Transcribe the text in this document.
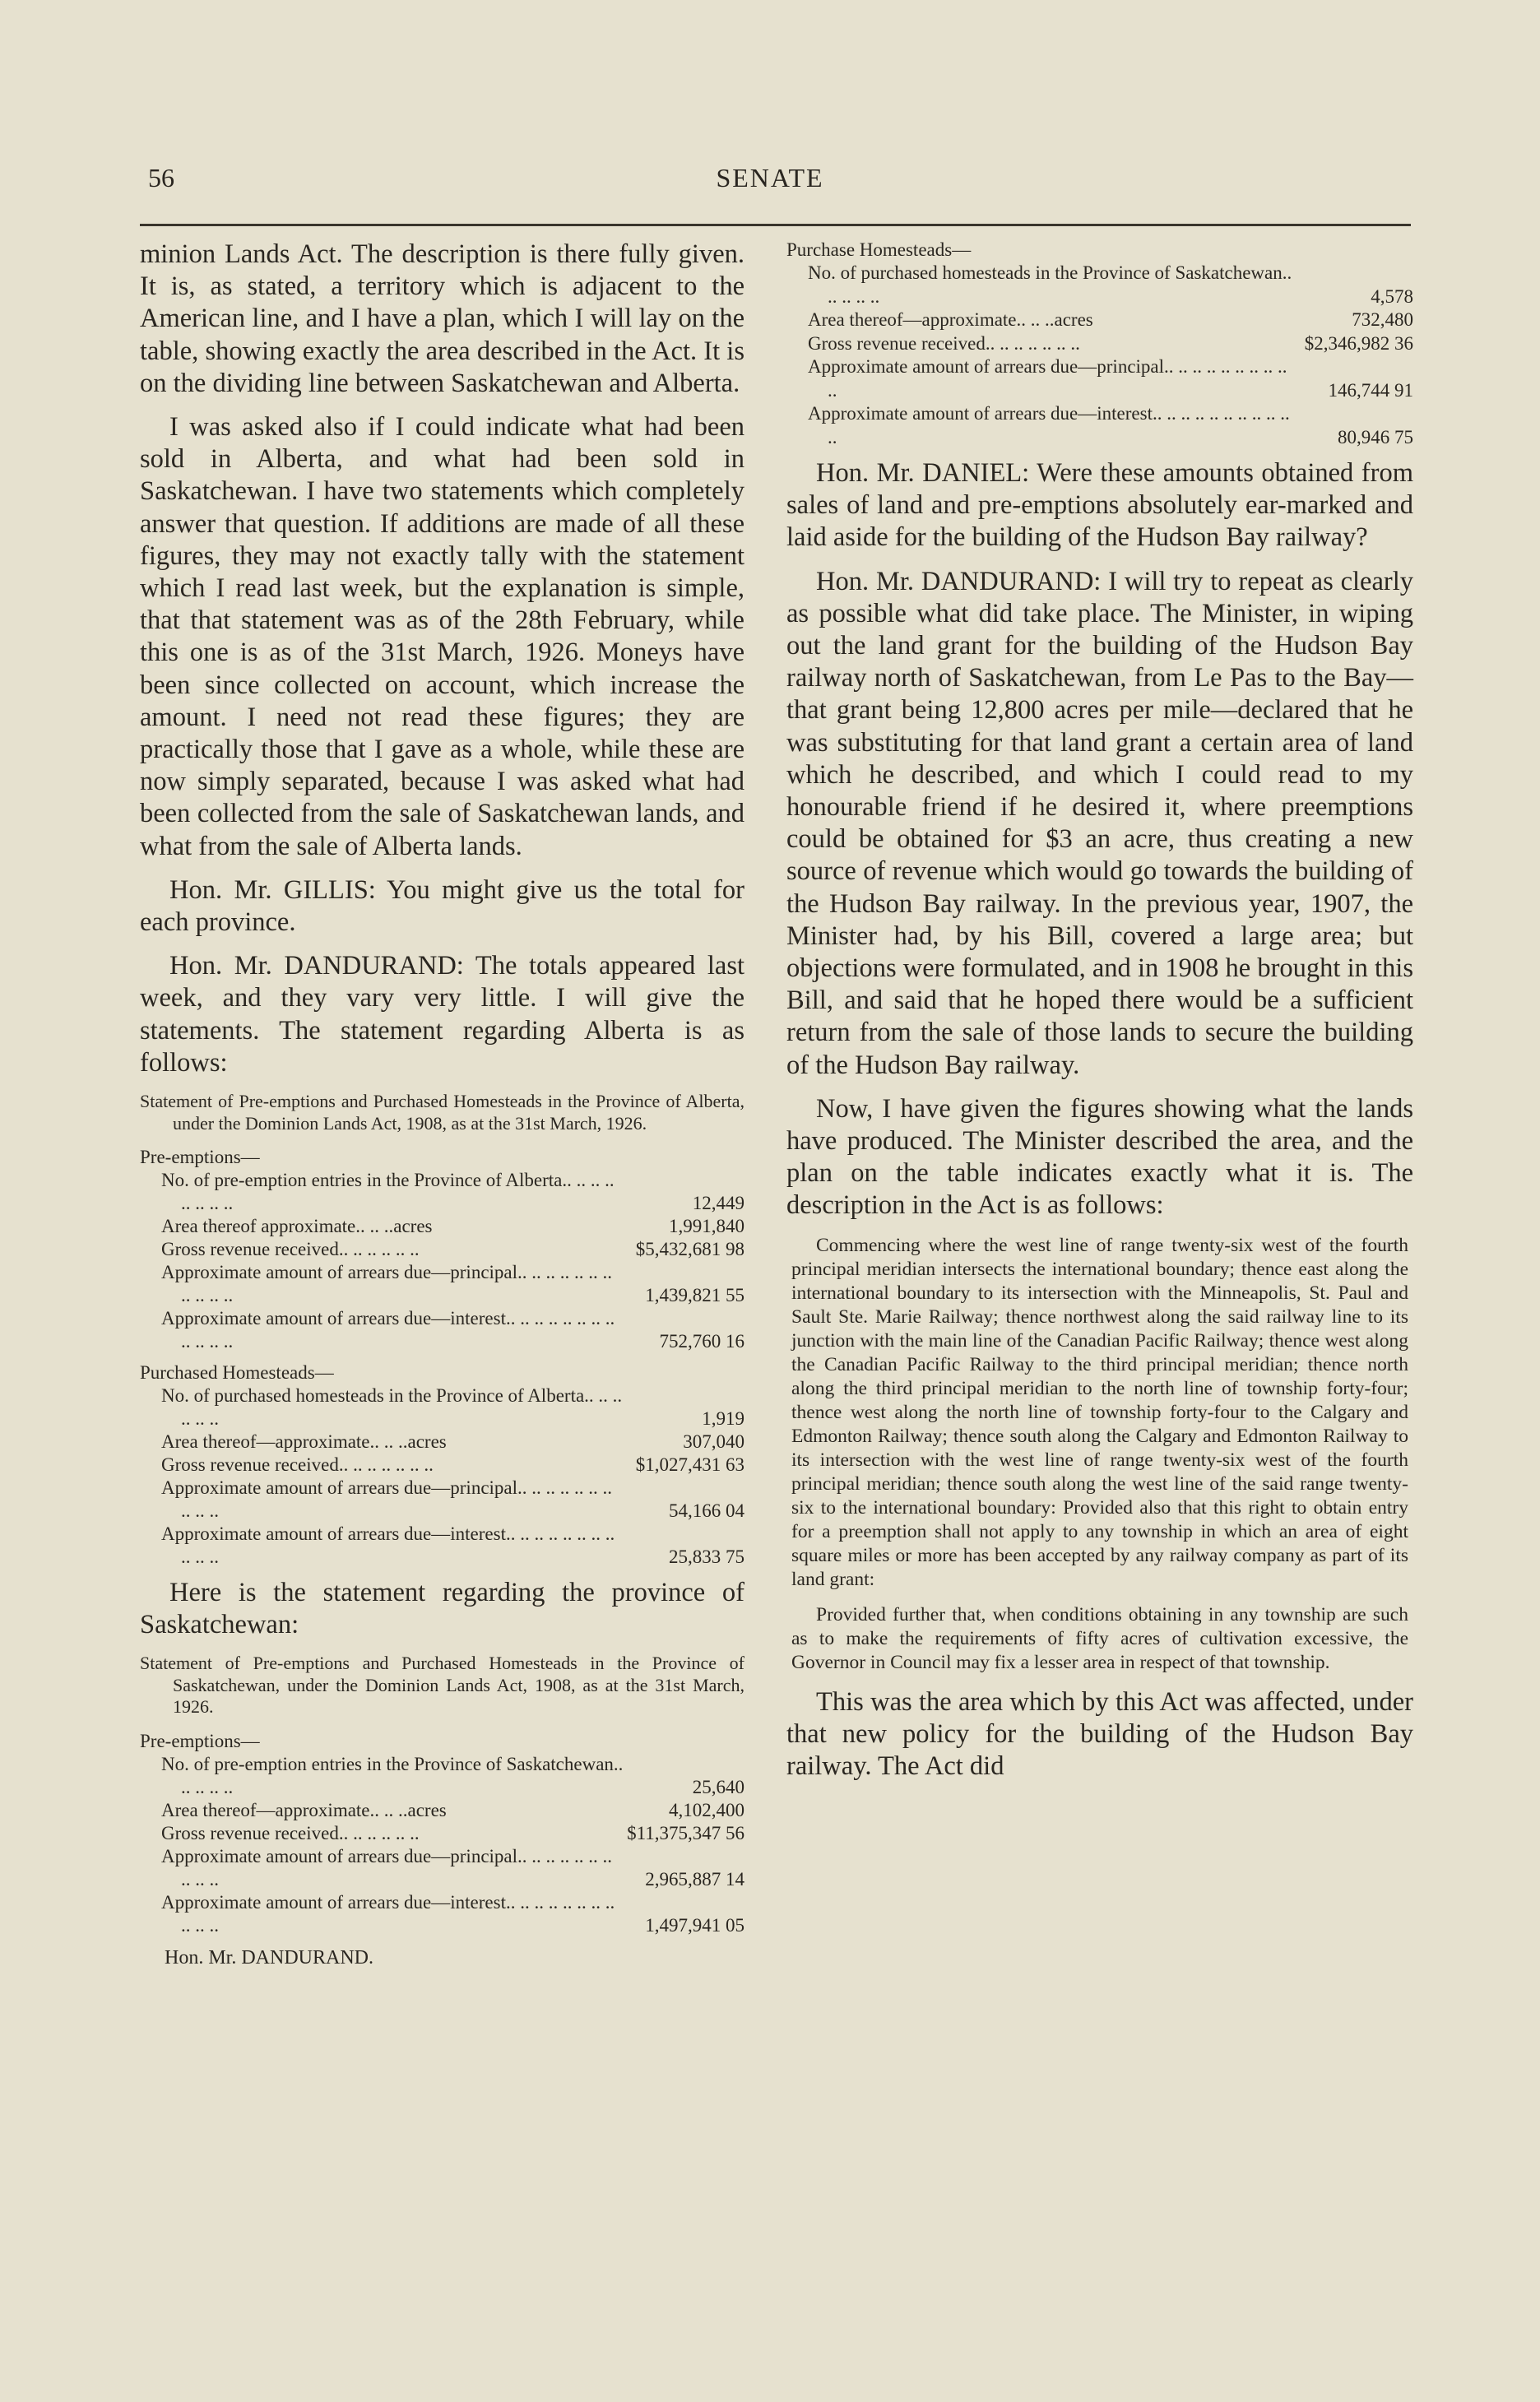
56	SENATE

minion Lands Act. The description is there fully given. It is, as stated, a territory which is adjacent to the American line, and I have a plan, which I will lay on the table, showing exactly the area described in the Act. It is on the dividing line between Saskatchewan and Alberta.

I was asked also if I could indicate what had been sold in Alberta, and what had been sold in Saskatchewan. I have two statements which completely answer that question. If additions are made of all these figures, they may not exactly tally with the statement which I read last week, but the explanation is simple, that that statement was as of the 28th February, while this one is as of the 31st March, 1926. Moneys have been since collected on account, which increase the amount. I need not read these figures; they are practically those that I gave as a whole, while these are now simply separated, because I was asked what had been collected from the sale of Saskatchewan lands, and what from the sale of Alberta lands.

Hon. Mr. GILLIS: You might give us the total for each province.

Hon. Mr. DANDURAND: The totals appeared last week, and they vary very little. I will give the statements. The statement regarding Alberta is as follows:

Statement of Pre-emptions and Purchased Homesteads in the Province of Alberta, under the Dominion Lands Act, 1908, as at the 31st March, 1926.

Pre-emptions—

No. of pre-emption entries in the Province of Alberta.. .. .. .. .. .. .. ..	12,449
Area thereof approximate.. .. ..acres	1,991,840
Gross revenue received.. .. .. .. .. ..	$5,432,681 98
Approximate amount of arrears due—principal.. .. .. .. .. .. .. .. .. .. ..	1,439,821 55
Approximate amount of arrears due—interest.. .. .. .. .. .. .. .. .. .. .. ..	752,760 16

Purchased Homesteads—

No. of purchased homesteads in the Province of Alberta.. .. .. .. .. ..	1,919
Area thereof—approximate.. .. ..acres	307,040
Gross revenue received.. .. .. .. .. .. ..	$1,027,431 63
Approximate amount of arrears due—principal.. .. .. .. .. .. .. .. .. ..	54,166 04
Approximate amount of arrears due—interest.. .. .. .. .. .. .. .. .. .. ..	25,833 75

Here is the statement regarding the province of Saskatchewan:

Statement of Pre-emptions and Purchased Homesteads in the Province of Saskatchewan, under the Dominion Lands Act, 1908, as at the 31st March, 1926.

Pre-emptions—

No. of pre-emption entries in the Province of Saskatchewan.. .. .. .. ..	25,640
Area thereof—approximate.. .. ..acres	4,102,400
Gross revenue received.. .. .. .. .. ..	$11,375,347 56
Approximate amount of arrears due—principal.. .. .. .. .. .. .. .. .. ..	2,965,887 14
Approximate amount of arrears due—interest.. .. .. .. .. .. .. .. .. .. ..	1,497,941 05
Hon. Mr. DANDURAND.

Purchase Homesteads—

No. of purchased homesteads in the Province of Saskatchewan.. .. .. .. ..	4,578
Area thereof—approximate.. .. ..acres	732,480
Gross revenue received.. .. .. .. .. .. ..	$2,346,982 36
Approximate amount of arrears due—principal.. .. .. .. .. .. .. .. .. ..	146,744 91
Approximate amount of arrears due—interest.. .. .. .. .. .. .. .. .. .. ..	80,946 75

Hon. Mr. DANIEL: Were these amounts obtained from sales of land and pre-emptions absolutely ear-marked and laid aside for the building of the Hudson Bay railway?

Hon. Mr. DANDURAND: I will try to repeat as clearly as possible what did take place. The Minister, in wiping out the land grant for the building of the Hudson Bay railway north of Saskatchewan, from Le Pas to the Bay—that grant being 12,800 acres per mile—declared that he was substituting for that land grant a certain area of land which he described, and which I could read to my honourable friend if he desired it, where preemptions could be obtained for $3 an acre, thus creating a new source of revenue which would go towards the building of the Hudson Bay railway. In the previous year, 1907, the Minister had, by his Bill, covered a large area; but objections were formulated, and in 1908 he brought in this Bill, and said that he hoped there would be a sufficient return from the sale of those lands to secure the building of the Hudson Bay railway.

Now, I have given the figures showing what the lands have produced. The Minister described the area, and the plan on the table indicates exactly what it is. The description in the Act is as follows:

Commencing where the west line of range twenty-six west of the fourth principal meridian intersects the international boundary; thence east along the international boundary to its intersection with the Minneapolis, St. Paul and Sault Ste. Marie Railway; thence northwest along the said railway line to its junction with the main line of the Canadian Pacific Railway; thence west along the Canadian Pacific Railway to the third principal meridian; thence north along the third principal meridian to the north line of township forty-four; thence west along the north line of township forty-four to the Calgary and Edmonton Railway; thence south along the Calgary and Edmonton Railway to its intersection with the west line of range twenty-six west of the fourth principal meridian; thence south along the west line of the said range twenty-six to the international boundary: Provided also that this right to obtain entry for a preemption shall not apply to any township in which an area of eight square miles or more has been accepted by any railway company as part of its land grant:

Provided further that, when conditions obtaining in any township are such as to make the requirements of fifty acres of cultivation excessive, the Governor in Council may fix a lesser area in respect of that township.

This was the area which by this Act was affected, under that new policy for the building of the Hudson Bay railway. The Act did
